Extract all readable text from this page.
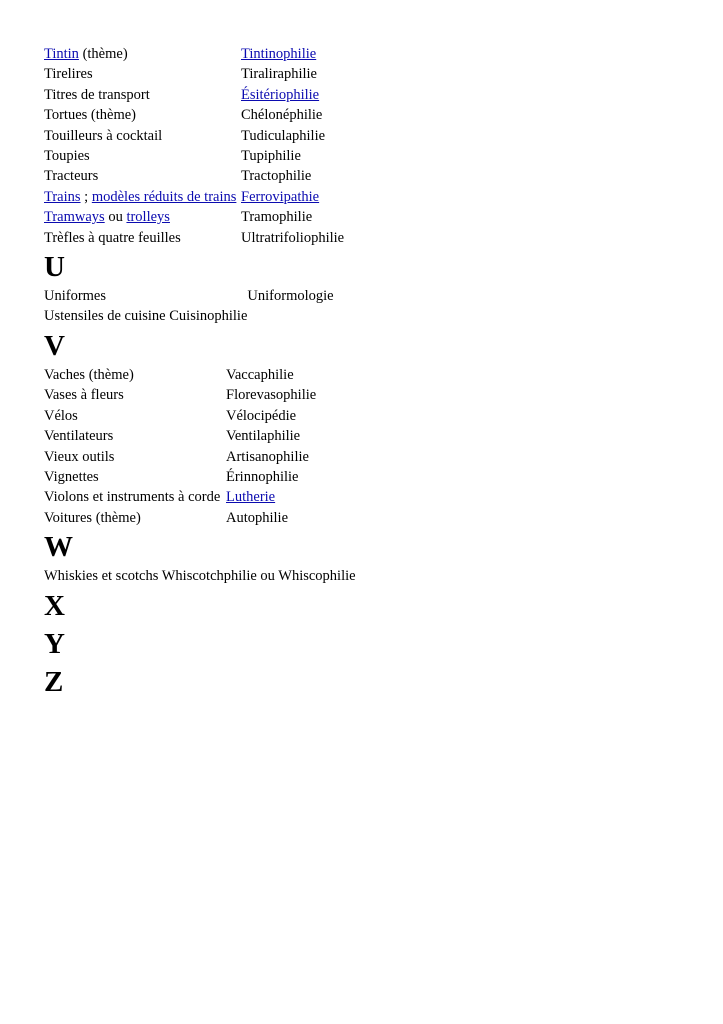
Tintin (thème)	Tintinophilie
Tirelires	Tiraliraphilie
Titres de transport	Ésitériophilie
Tortues (thème)	Chélonéphilie
Touilleurs à cocktail	Tudiculaphilie
Toupies	Tupiphilie
Tracteurs	Tractophilie
Trains ; modèles réduits de trains	Ferrovipathie
Tramways ou trolleys	Tramophilie
Trèfles à quatre feuilles	Ultratrifoliophilie
U
Uniformes	Uniformologie
Ustensiles de cuisine Cuisinophilie	
V
Vaches (thème)	Vaccaphilie
Vases à fleurs	Florevasophilie
Vélos	Vélocipédie
Ventilateurs	Ventilaphilie
Vieux outils	Artisanophilie
Vignettes	Érinnophilie
Violons et instruments à corde	Lutherie
Voitures (thème)	Autophilie
W
Whiskies et scotchs Whiscotchphilie ou Whiscophilie
X
Y
Z
